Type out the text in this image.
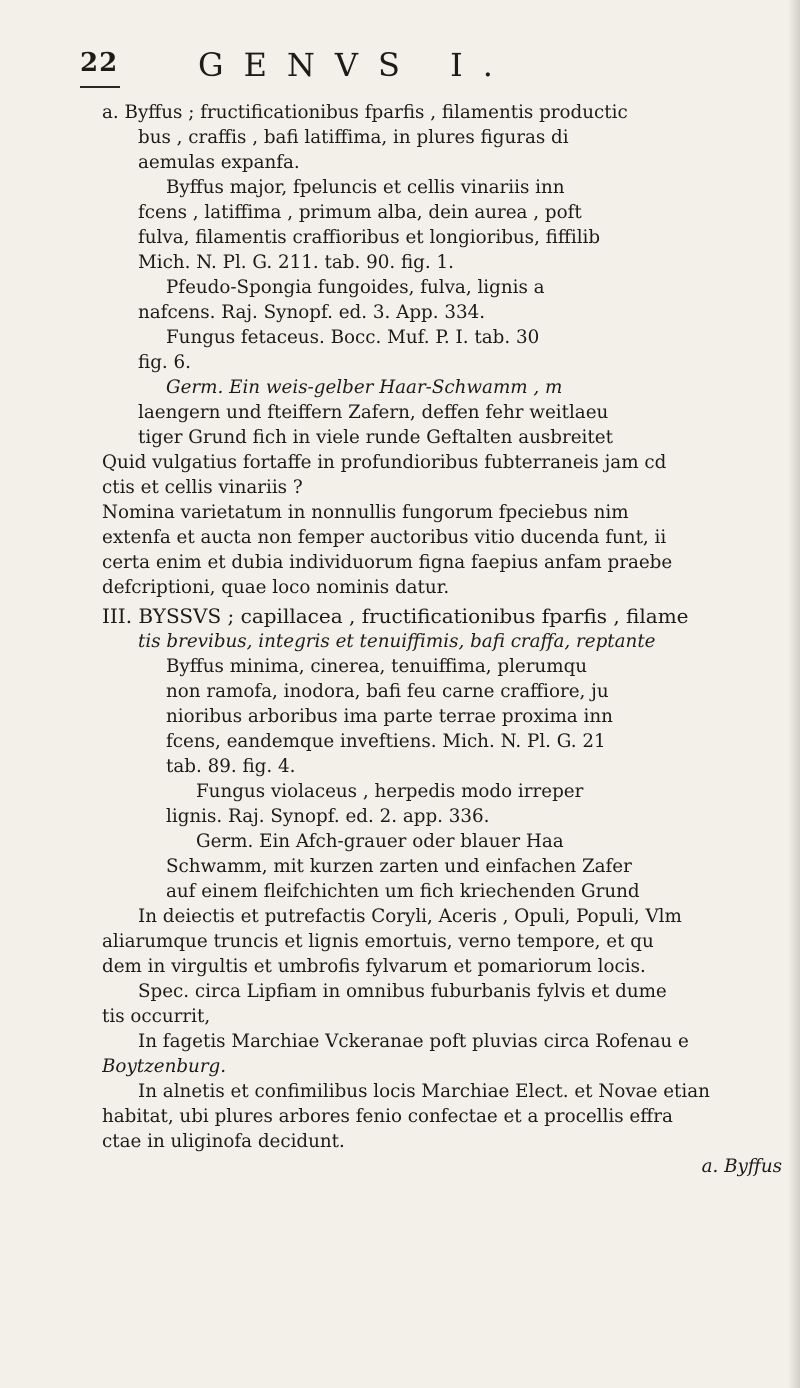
22 GENVS I.

a. Byffus ; fructificationibus fparfis , filamentis productic

bus , craffis , bafi latiffima, in plures figuras di

aemulas expanfa.

Byffus major, fpeluncis et cellis vinariis inn

fcens , latiffima , primum alba, dein aurea , poft

fulva, filamentis craffioribus et longioribus, fiffilib

Mich. N. Pl. G. 211. tab. 90. fig. 1.

Pfeudo-Spongia fungoides, fulva, lignis a

nafcens. Raj. Synopf. ed. 3. App. 334.

Fungus fetaceus. Bocc. Muf. P. I. tab. 30

fig. 6.

Germ. Ein weis-gelber Haar-Schwamm , m

laengern und fteiffern Zafern, deffen fehr weitlaeu

tiger Grund fich in viele runde Geftalten ausbreitet

Quid vulgatius fortaffe in profundioribus fubterraneis jam cd

ctis et cellis vinariis ?

Nomina varietatum in nonnullis fungorum fpeciebus nim

extenfa et aucta non femper auctoribus vitio ducenda funt, ii

certa enim et dubia individuorum figna faepius anfam praebe

defcriptioni, quae loco nominis datur.

III. BYSSVS ; capillacea , fructificationibus fparfis , filame

tis brevibus, integris et tenuiffimis, bafi craffa, reptante

Byffus minima, cinerea, tenuiffima, plerumqu

non ramofa, inodora, bafi feu carne craffiore, ju

nioribus arboribus ima parte terrae proxima inn

fcens, eandemque inveftiens. Mich. N. Pl. G. 21

tab. 89. fig. 4.

Fungus violaceus , herpedis modo irreper

lignis. Raj. Synopf. ed. 2. app. 336.

Germ. Ein Afch-grauer oder blauer Haa

Schwamm, mit kurzen zarten und einfachen Zafer

auf einem fleifchichten um fich kriechenden Grund

In deiectis et putrefactis Coryli, Aceris , Opuli, Populi, Vlm

aliarumque truncis et lignis emortuis, verno tempore, et qu

dem in virgultis et umbrofis fylvarum et pomariorum locis.

Spec. circa Lipfiam in omnibus fuburbanis fylvis et dume

tis occurrit,

In fagetis Marchiae Vckeranae poft pluvias circa Rofenau e

Boytzenburg.

In alnetis et confimilibus locis Marchiae Elect. et Novae etian

habitat, ubi plures arbores fenio confectae et a procellis effra

ctae in uliginofa decidunt.

a. Byffus
